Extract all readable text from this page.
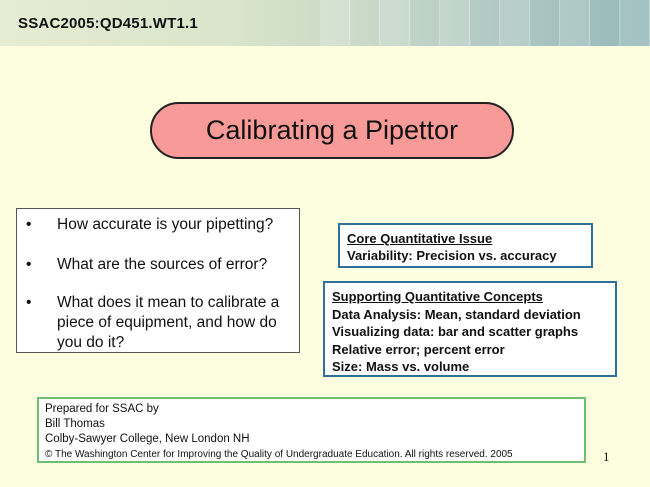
SSAC2005:QD451.WT1.1
Calibrating a Pipettor
• How accurate is your pipetting?
• What are the sources of error?
• What does it mean to calibrate a piece of equipment, and how do you do it?
Core Quantitative Issue
Variability: Precision vs. accuracy
Supporting Quantitative Concepts
Data Analysis: Mean, standard deviation
Visualizing data: bar and scatter graphs
Relative error; percent error
Size: Mass vs. volume
Prepared for SSAC by
Bill Thomas
Colby-Sawyer College, New London NH
© The Washington Center for Improving the Quality of Undergraduate Education. All rights reserved. 2005	1
